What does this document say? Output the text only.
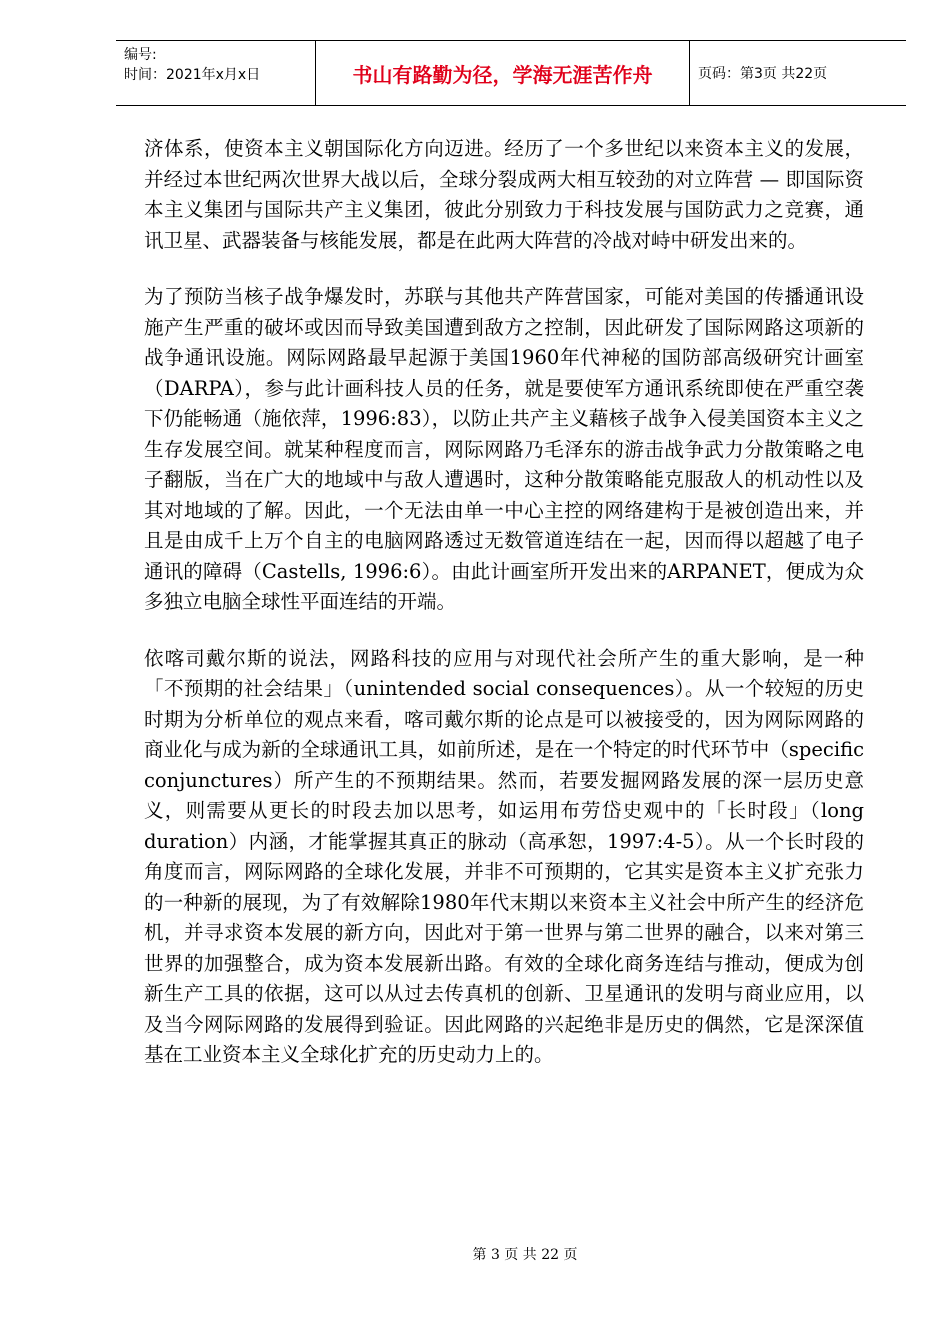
编号:
时间：2021年x月x日	书山有路勤为径，学海无涯苦作舟	页码：第3页 共22页

济体系，使资本主义朝国际化方向迈进。经历了一个多世纪以来资本主义的发展，并经过本世纪两次世界大战以后，全球分裂成两大相互较劲的对立阵营 — 即国际资本主义集团与国际共产主义集团，彼此分别致力于科技发展与国防武力之竞赛，通讯卫星、武器装备与核能发展，都是在此两大阵营的冷战对峙中研发出来的。

为了预防当核子战争爆发时，苏联与其他共产阵营国家，可能对美国的传播通讯设施产生严重的破坏或因而导致美国遭到敌方之控制，因此研发了国际网路这项新的战争通讯设施。网际网路最早起源于美国1960年代神秘的国防部高级研究计画室（DARPA），参与此计画科技人员的任务，就是要使军方通讯系统即使在严重空袭下仍能畅通（施依萍，1996:83），以防止共产主义藉核子战争入侵美国资本主义之生存发展空间。就某种程度而言，网际网路乃毛泽东的游击战争武力分散策略之电子翻版，当在广大的地域中与敌人遭遇时，这种分散策略能克服敌人的机动性以及其对地域的了解。因此，一个无法由单一中心主控的网络建构于是被创造出来，并且是由成千上万个自主的电脑网路透过无数管道连结在一起，因而得以超越了电子通讯的障碍（Castells, 1996:6）。由此计画室所开发出来的ARPANET，便成为众多独立电脑全球性平面连结的开端。

依喀司戴尔斯的说法，网路科技的应用与对现代社会所产生的重大影响，是一种「不预期的社会结果」（unintended social consequences）。从一个较短的历史时期为分析单位的观点来看，喀司戴尔斯的论点是可以被接受的，因为网际网路的商业化与成为新的全球通讯工具，如前所述，是在一个特定的时代环节中（specific conjunctures）所产生的不预期结果。然而，若要发掘网路发展的深一层历史意义，则需要从更长的时段去加以思考，如运用布劳岱史观中的「长时段」（long duration）内涵，才能掌握其真正的脉动（高承恕，1997:4-5）。从一个长时段的角度而言，网际网路的全球化发展，并非不可预期的，它其实是资本主义扩充张力的一种新的展现，为了有效解除1980年代末期以来资本主义社会中所产生的经济危机，并寻求资本发展的新方向，因此对于第一世界与第二世界的融合，以来对第三世界的加强整合，成为资本发展新出路。有效的全球化商务连结与推动，便成为创新生产工具的依据，这可以从过去传真机的创新、卫星通讯的发明与商业应用，以及当今网际网路的发展得到验证。因此网路的兴起绝非是历史的偶然，它是深深值基在工业资本主义全球化扩充的历史动力上的。

第 3 页 共 22 页
